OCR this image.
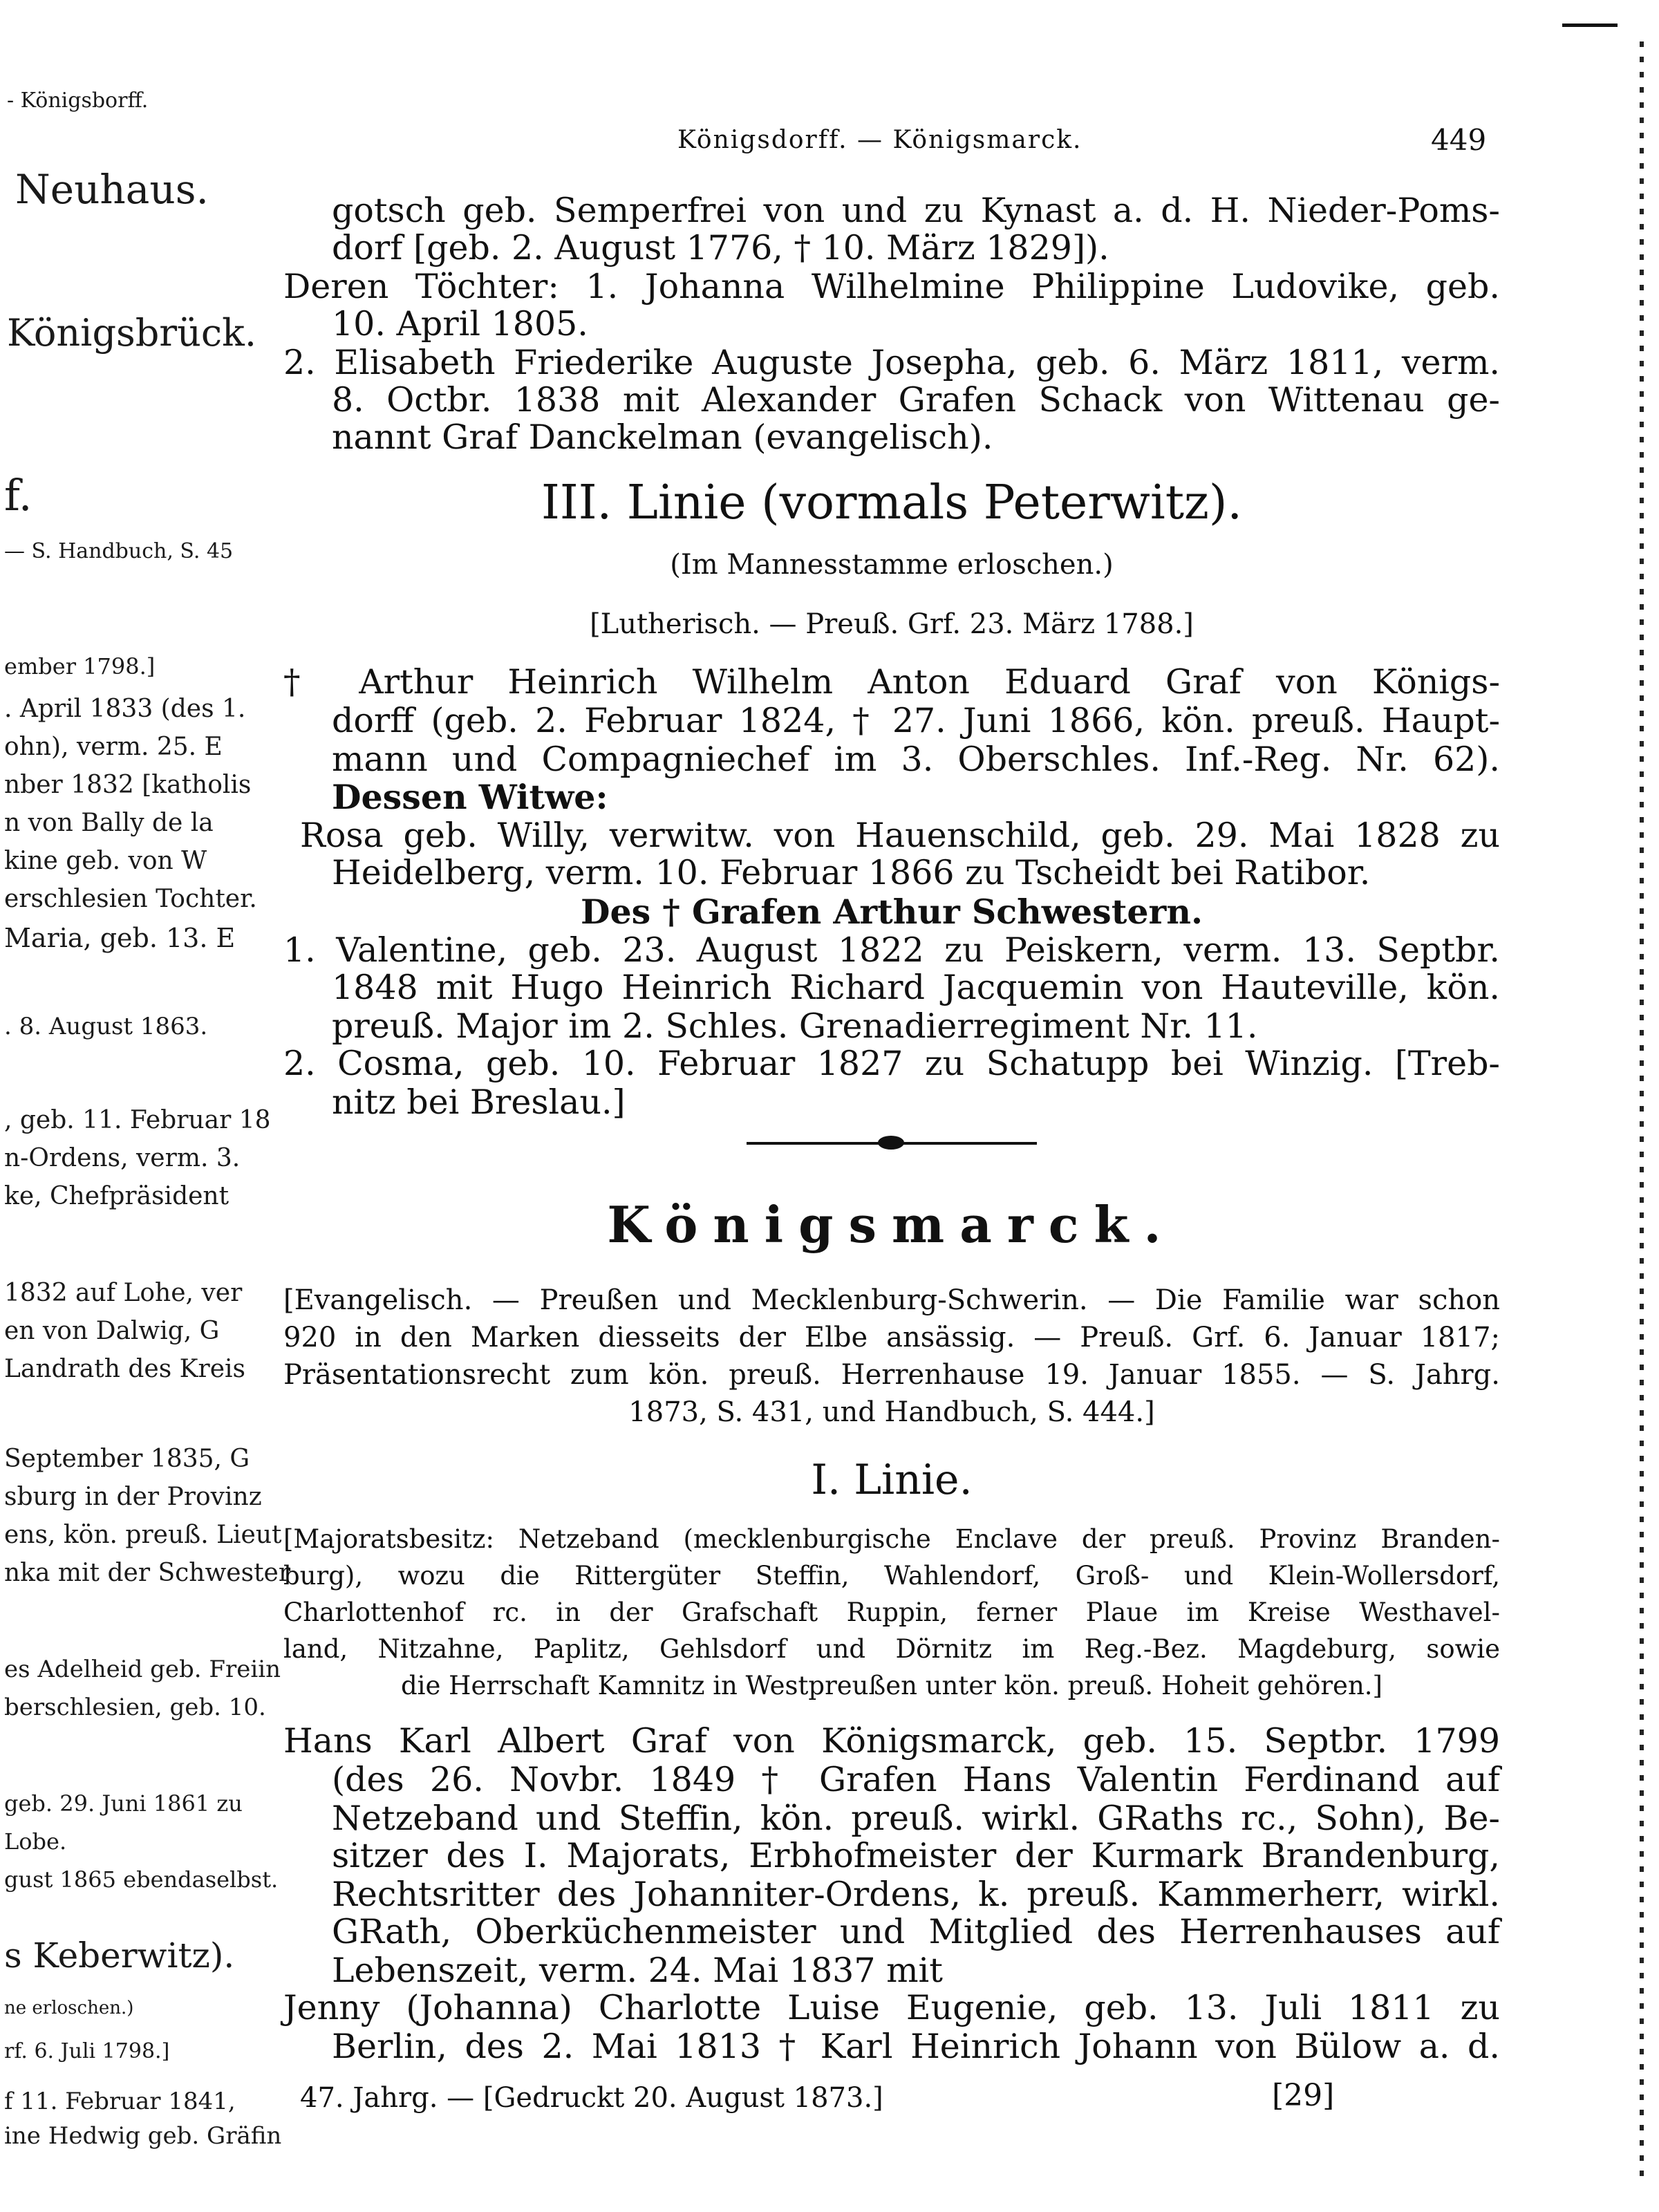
- Königsborff.
Neuhaus.
Königsbrück.
f.
— S. Handbuch, S. 45
ember 1798.]
. April 1833 (des 1.
ohn), verm. 25. E
nber 1832 [katholis
n von Bally de la
kine geb. von W
erschlesien Tochter.
Maria, geb. 13. E
. 8. August 1863.
, geb. 11. Februar 18
n-Ordens, verm. 3.
ke, Chefpräsident
1832 auf Lohe, ver
en von Dalwig, G
Landrath des Kreis
September 1835, G
sburg in der Provinz
ens, kön. preuß. Lieut
nka mit der Schwester
es Adelheid geb. Freiin
berschlesien, geb. 10.
geb. 29. Juni 1861 zu
Lobe.
gust 1865 ebendaselbst.
s Keberwitz).
ne erloschen.)
rf. 6. Juli 1798.]
f 11. Februar 1841,
ine Hedwig geb. Gräfin
Königsdorff. — Königsmarck.	449
gotsch geb. Semperfrei von und zu Kynast a. d. H. Nieder-Poms-
dorf [geb. 2. August 1776, † 10. März 1829]).
Deren Töchter: 1. Johanna Wilhelmine Philippine Ludovike, geb.
10. April 1805.
2. Elisabeth Friederike Auguste Josepha, geb. 6. März 1811, verm.
8. Octbr. 1838 mit Alexander Grafen Schack von Wittenau ge-
nannt Graf Danckelman (evangelisch).
III. Linie (vormals Peterwitz).
(Im Mannesstamme erloschen.)
[Lutherisch. — Preuß. Grf. 23. März 1788.]
† Arthur Heinrich Wilhelm Anton Eduard Graf von Königs-
dorff (geb. 2. Februar 1824, † 27. Juni 1866, kön. preuß. Haupt-
mann und Compagniechef im 3. Oberschles. Inf.-Reg. Nr. 62).
Dessen Witwe:
Rosa geb. Willy, verwitw. von Hauenschild, geb. 29. Mai 1828 zu
Heidelberg, verm. 10. Februar 1866 zu Tscheidt bei Ratibor.
Des † Grafen Arthur Schwestern.
1. Valentine, geb. 23. August 1822 zu Peiskern, verm. 13. Septbr.
1848 mit Hugo Heinrich Richard Jacquemin von Hauteville, kön.
preuß. Major im 2. Schles. Grenadierregiment Nr. 11.
2. Cosma, geb. 10. Februar 1827 zu Schatupp bei Winzig. [Treb-
nitz bei Breslau.]
Königsmarck.
[Evangelisch. — Preußen und Mecklenburg-Schwerin. — Die Familie war schon
920 in den Marken diesseits der Elbe ansässig. — Preuß. Grf. 6. Januar 1817;
Präsentationsrecht zum kön. preuß. Herrenhause 19. Januar 1855. — S. Jahrg.
1873, S. 431, und Handbuch, S. 444.]
I. Linie.
[Majoratsbesitz: Netzeband (mecklenburgische Enclave der preuß. Provinz Branden-
burg), wozu die Rittergüter Steffin, Wahlendorf, Groß- und Klein-Wollersdorf,
Charlottenhof rc. in der Grafschaft Ruppin, ferner Plaue im Kreise Westhavel-
land, Nitzahne, Paplitz, Gehlsdorf und Dörnitz im Reg.-Bez. Magdeburg, sowie
die Herrschaft Kamnitz in Westpreußen unter kön. preuß. Hoheit gehören.]
Hans Karl Albert Graf von Königsmarck, geb. 15. Septbr. 1799
(des 26. Novbr. 1849 † Grafen Hans Valentin Ferdinand auf
Netzeband und Steffin, kön. preuß. wirkl. GRaths rc., Sohn), Be-
sitzer des I. Majorats, Erbhofmeister der Kurmark Brandenburg,
Rechtsritter des Johanniter-Ordens, k. preuß. Kammerherr, wirkl.
GRath, Oberküchenmeister und Mitglied des Herrenhauses auf
Lebenszeit, verm. 24. Mai 1837 mit
Jenny (Johanna) Charlotte Luise Eugenie, geb. 13. Juli 1811 zu
Berlin, des 2. Mai 1813 † Karl Heinrich Johann von Bülow a. d.
47. Jahrg. — [Gedruckt 20. August 1873.]	[29]
